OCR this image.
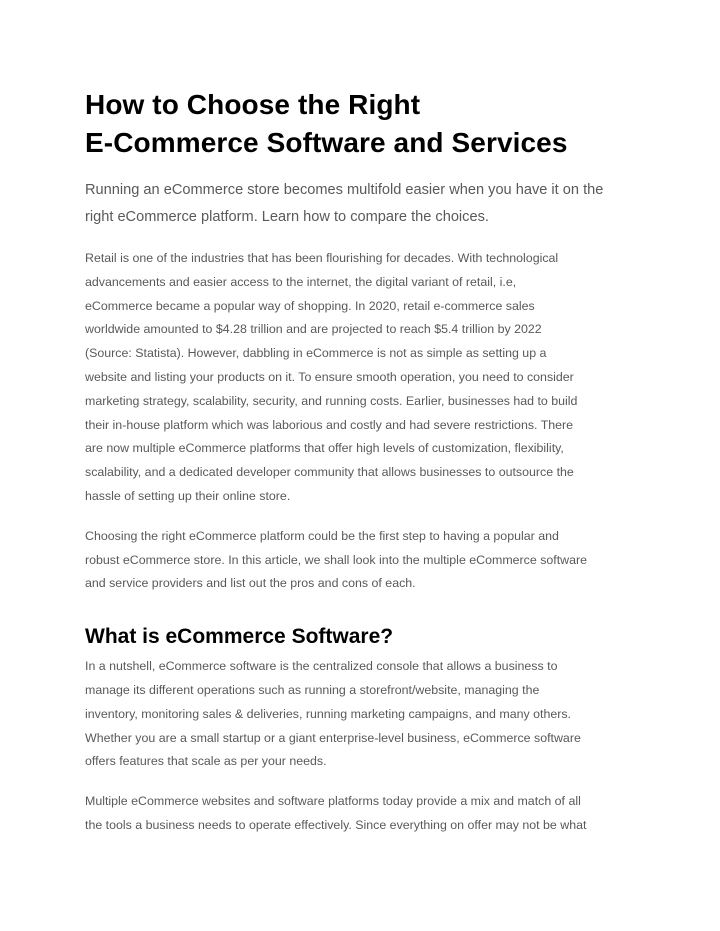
How to Choose the Right
E-Commerce Software and Services

Running an eCommerce store becomes multifold easier when you have it on the
right eCommerce platform. Learn how to compare the choices.

Retail is one of the industries that has been flourishing for decades. With technological
advancements and easier access to the internet, the digital variant of retail, i.e,
eCommerce became a popular way of shopping. In 2020, retail e-commerce sales
worldwide amounted to $4.28 trillion and are projected to reach $5.4 trillion by 2022
(Source: Statista). However, dabbling in eCommerce is not as simple as setting up a
website and listing your products on it. To ensure smooth operation, you need to consider
marketing strategy, scalability, security, and running costs. Earlier, businesses had to build
their in-house platform which was laborious and costly and had severe restrictions. There
are now multiple eCommerce platforms that offer high levels of customization, flexibility,
scalability, and a dedicated developer community that allows businesses to outsource the
hassle of setting up their online store.

Choosing the right eCommerce platform could be the first step to having a popular and
robust eCommerce store. In this article, we shall look into the multiple eCommerce software
and service providers and list out the pros and cons of each.

What is eCommerce Software?

In a nutshell, eCommerce software is the centralized console that allows a business to
manage its different operations such as running a storefront/website, managing the
inventory, monitoring sales & deliveries, running marketing campaigns, and many others.
Whether you are a small startup or a giant enterprise-level business, eCommerce software
offers features that scale as per your needs.

Multiple eCommerce websites and software platforms today provide a mix and match of all
the tools a business needs to operate effectively. Since everything on offer may not be what
